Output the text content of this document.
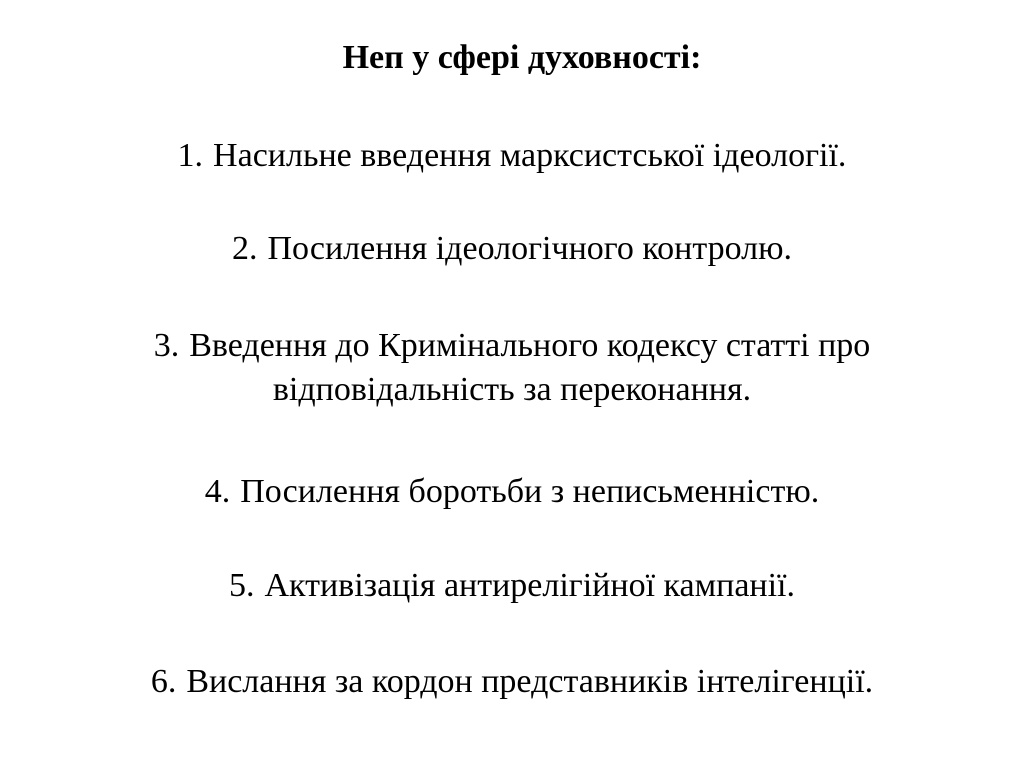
Неп у сфері духовності:

1. Насильне введення марксистської ідеології.

2. Посилення ідеологічного контролю.

3. Введення до Кримінального кодексу статті про
відповідальність за переконання.

4. Посилення боротьби з неписьменністю.

5. Активізація антирелігійної кампанії.

6. Вислання за кордон представників інтелігенції.
